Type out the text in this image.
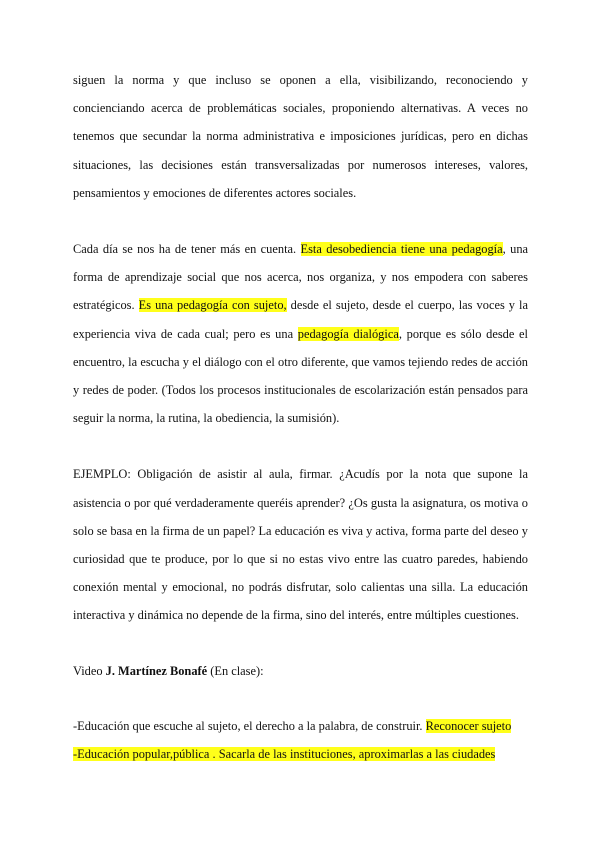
siguen la norma y que incluso se oponen a ella, visibilizando, reconociendo y concienciando acerca de problemáticas sociales, proponiendo alternativas. A veces no tenemos que secundar la norma administrativa e imposiciones jurídicas, pero en dichas situaciones, las decisiones están transversalizadas por numerosos intereses, valores, pensamientos y emociones de diferentes actores sociales.

Cada día se nos ha de tener más en cuenta. Esta desobediencia tiene una pedagogía, una forma de aprendizaje social que nos acerca, nos organiza, y nos empodera con saberes estratégicos. Es una pedagogía con sujeto, desde el sujeto, desde el cuerpo, las voces y la experiencia viva de cada cual; pero es una pedagogía dialógica, porque es sólo desde el encuentro, la escucha y el diálogo con el otro diferente, que vamos tejiendo redes de acción y redes de poder. (Todos los procesos institucionales de escolarización están pensados para seguir la norma, la rutina, la obediencia, la sumisión).

EJEMPLO: Obligación de asistir al aula, firmar. ¿Acudís por la nota que supone la asistencia o por qué verdaderamente queréis aprender? ¿Os gusta la asignatura, os motiva o solo se basa en la firma de un papel? La educación es viva y activa, forma parte del deseo y curiosidad que te produce, por lo que si no estas vivo entre las cuatro paredes, habiendo conexión mental y emocional, no podrás disfrutar, solo calientas una silla. La educación interactiva y dinámica no depende de la firma, sino del interés, entre múltiples cuestiones.

Video J. Martínez Bonafé (En clase):

-Educación que escuche al sujeto, el derecho a la palabra, de construir. Reconocer sujeto

-Educación popular,pública . Sacarla de las instituciones, aproximarlas a las ciudades
